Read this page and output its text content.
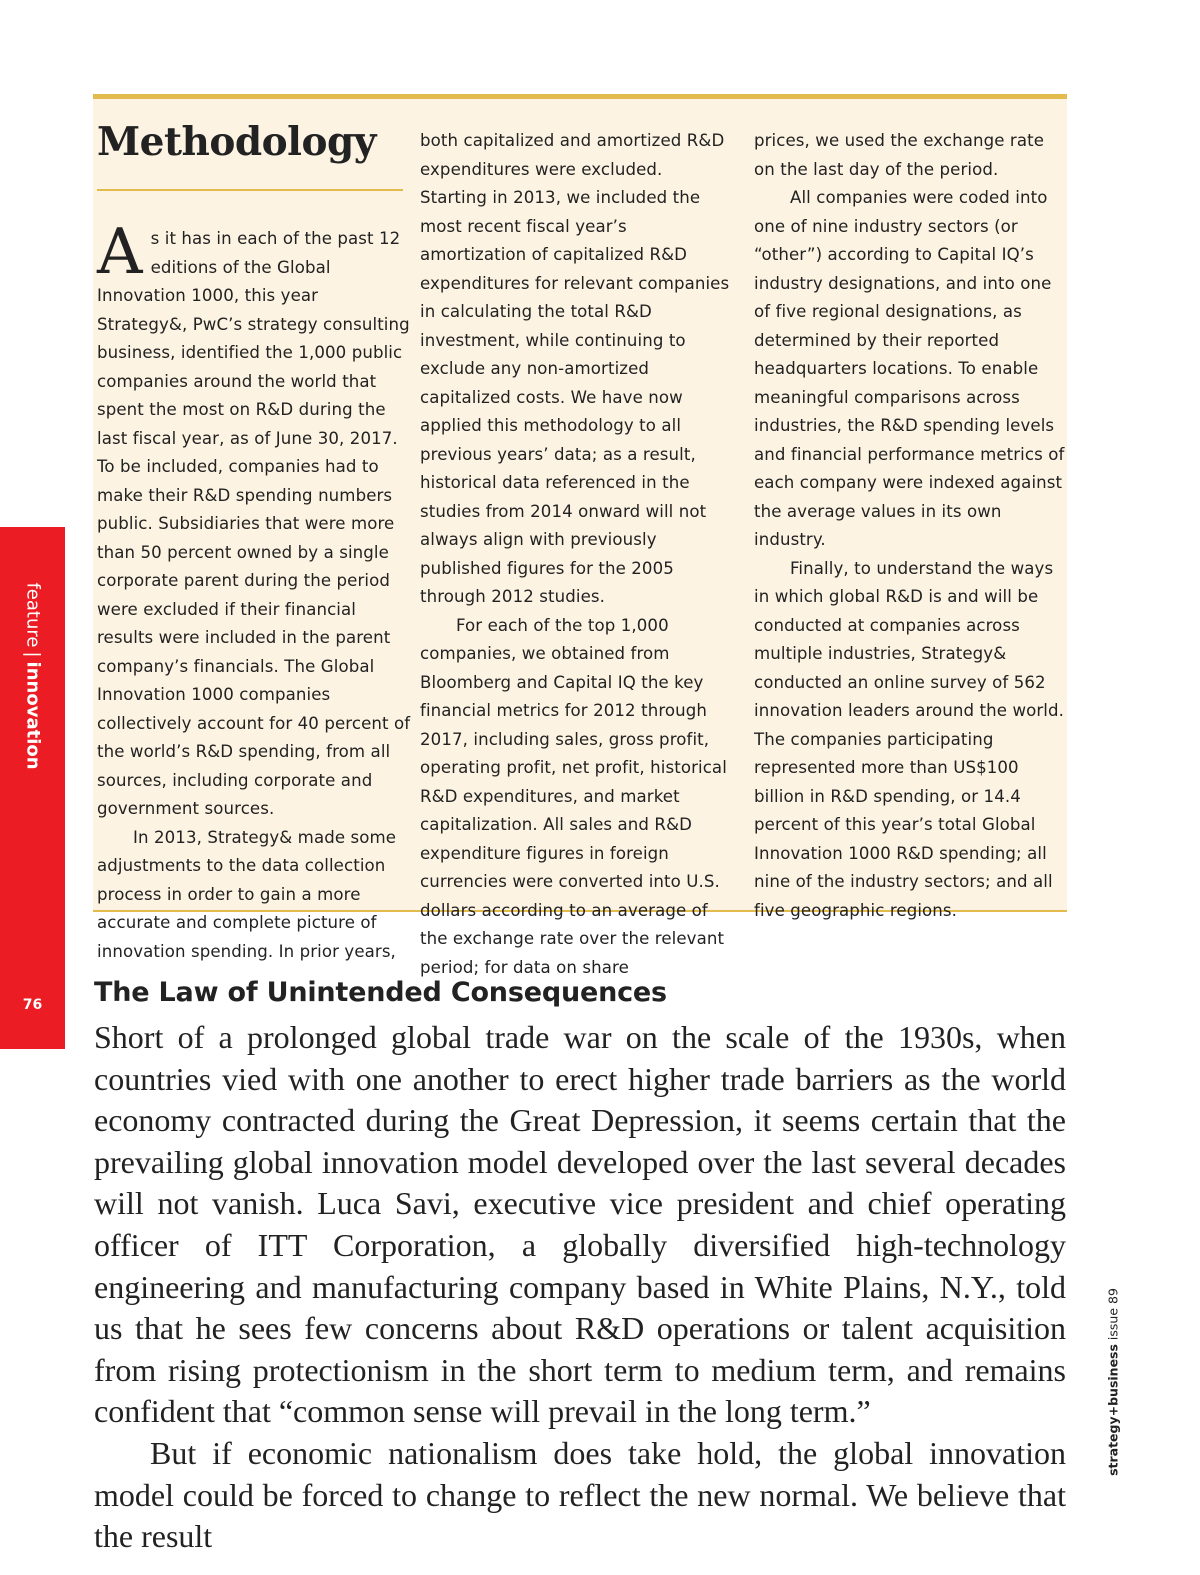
Methodology

As it has in each of the past 12 editions of the Global Innovation 1000, this year Strategy&, PwC’s strategy consulting business, identified the 1,000 public companies around the world that spent the most on R&D during the last fiscal year, as of June 30, 2017. To be included, companies had to make their R&D spending numbers public. Subsidiaries that were more than 50 percent owned by a single corporate parent during the period were excluded if their financial results were included in the parent company’s financials. The Global Innovation 1000 companies collectively account for 40 percent of the world’s R&D spending, from all sources, including corporate and government sources.

In 2013, Strategy& made some adjustments to the data collection process in order to gain a more accurate and complete picture of innovation spending. In prior years,

both capitalized and amortized R&D expenditures were excluded. Starting in 2013, we included the most recent fiscal year’s amortization of capitalized R&D expenditures for relevant companies in calculating the total R&D investment, while continuing to exclude any non-amortized capitalized costs. We have now applied this methodology to all previous years’ data; as a result, historical data referenced in the studies from 2014 onward will not always align with previously published figures for the 2005 through 2012 studies.

For each of the top 1,000 companies, we obtained from Bloomberg and Capital IQ the key financial metrics for 2012 through 2017, including sales, gross profit, operating profit, net profit, historical R&D expenditures, and market capitalization. All sales and R&D expenditure figures in foreign currencies were converted into U.S. dollars according to an average of the exchange rate over the relevant period; for data on share

prices, we used the exchange rate on the last day of the period.

All companies were coded into one of nine industry sectors (or “other”) according to Capital IQ’s industry designations, and into one of five regional designations, as determined by their reported headquarters locations. To enable meaningful comparisons across industries, the R&D spending levels and financial performance metrics of each company were indexed against the average values in its own industry.

Finally, to understand the ways in which global R&D is and will be conducted at companies across multiple industries, Strategy& conducted an online survey of 562 innovation leaders around the world. The companies participating represented more than US$100 billion in R&D spending, or 14.4 percent of this year’s total Global Innovation 1000 R&D spending; all nine of the industry sectors; and all five geographic regions.

feature|innovation
76	The Law of Unintended Consequences

Short of a prolonged global trade war on the scale of the 1930s, when countries vied with one another to erect higher trade barriers as the world economy contracted during the Great Depression, it seems certain that the prevailing global innovation model developed over the last several decades will not vanish. Luca Savi, executive vice president and chief operating officer of ITT Corporation, a globally diversified high-technology engineering and manufacturing company based in White Plains, N.Y., told us that he sees few concerns about R&D operations or talent acquisition from rising protectionism in the short term to medium term, and remains confident that “common sense will prevail in the long term.”

But if economic nationalism does take hold, the global innovation model could be forced to change to reflect the new normal. We believe that the result

strategy+business issue 89
